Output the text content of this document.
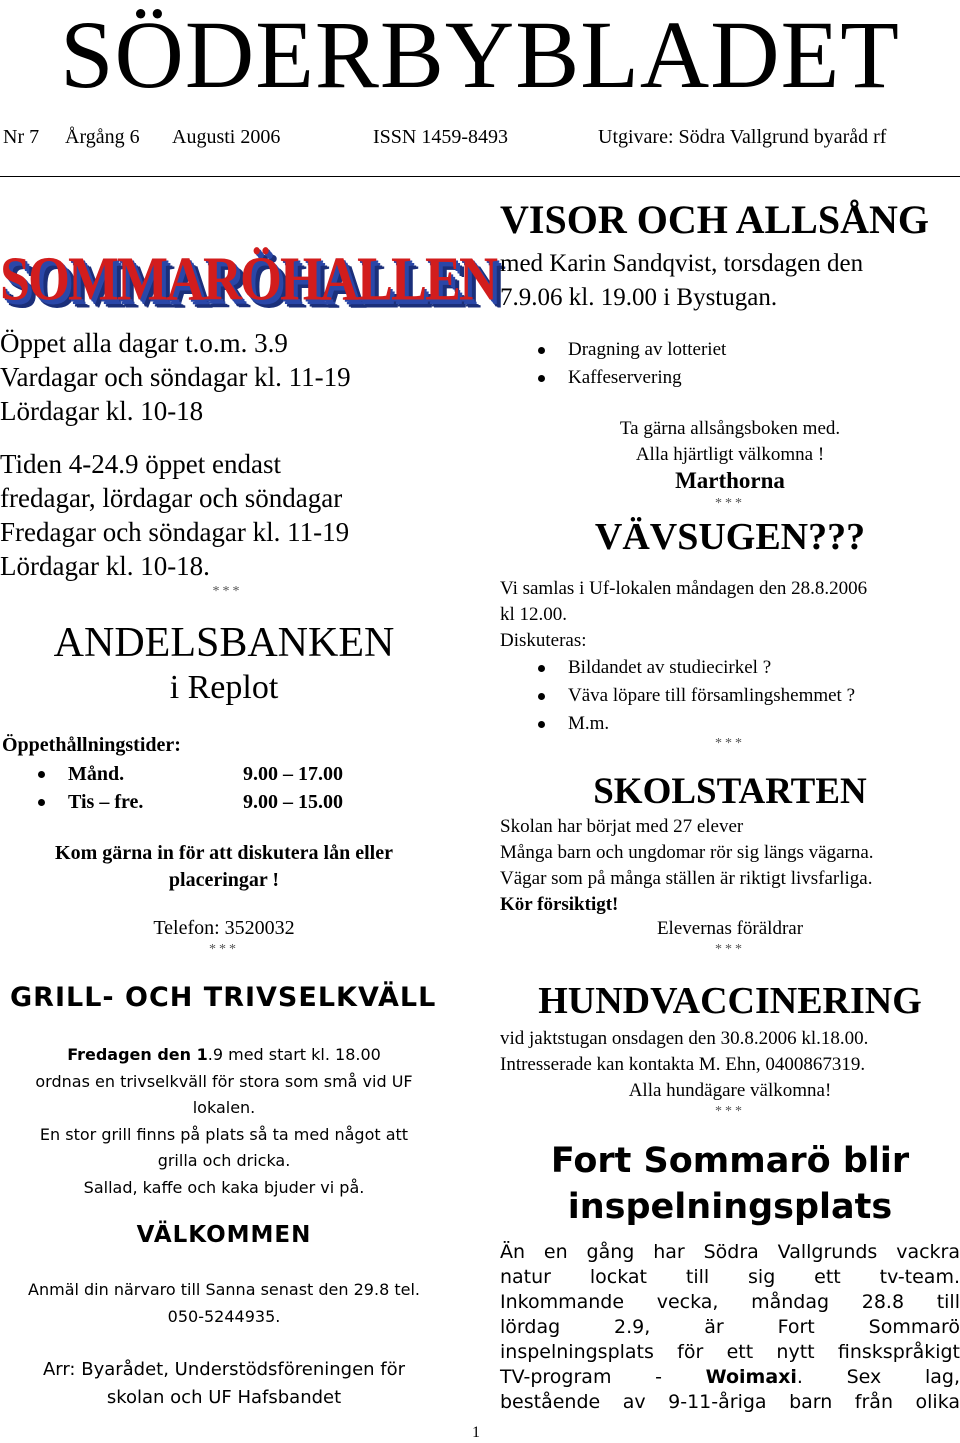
SÖDERBYBLADET
Nr 7 Årgång 6 Augusti 2006	ISSN 1459-8493	Utgivare: Södra Vallgrund byaråd rf
SOMMARÖHALLEN
Öppet alla dagar t.o.m. 3.9
Vardagar och söndagar kl. 11-19
Lördagar kl. 10-18
Tiden 4-24.9 öppet endast
fredagar, lördagar och söndagar
Fredagar och söndagar kl. 11-19
Lördagar kl. 10-18.
***
ANDELSBANKEN
i Replot
Öppethållningstider:
Månd.	9.00 – 17.00
Tis – fre.	9.00 – 15.00
Kom gärna in för att diskutera lån eller
placeringar !
Telefon: 3520032
***
GRILL- OCH TRIVSELKVÄLL
Fredagen den 1.9 med start kl. 18.00
ordnas en trivselkväll för stora som små vid UF
lokalen.
En stor grill finns på plats så ta med något att
grilla och dricka.
Sallad, kaffe och kaka bjuder vi på.
VÄLKOMMEN
Anmäl din närvaro till Sanna senast den 29.8 tel.
050-5244935.
Arr: Byarådet, Understödsföreningen för
skolan och UF Hafsbandet
VISOR OCH ALLSÅNG
med Karin Sandqvist, torsdagen den
7.9.06 kl. 19.00 i Bystugan.
Dragning av lotteriet
Kaffeservering
Ta gärna allsångsboken med.
Alla hjärtligt välkomna !
Marthorna
***
VÄVSUGEN???
Vi samlas i Uf-lokalen måndagen den 28.8.2006
kl 12.00.
Diskuteras:
Bildandet av studiecirkel ?
Väva löpare till församlingshemmet ?
M.m.
***
SKOLSTARTEN
Skolan har börjat med 27 elever
Många barn och ungdomar rör sig längs vägarna.
Vägar som på många ställen är riktigt livsfarliga.
Kör försiktigt!
Elevernas föräldrar
***
HUNDVACCINERING
vid jaktstugan onsdagen den 30.8.2006 kl.18.00.
Intresserade kan kontakta M. Ehn, 0400867319.
Alla hundägare välkomna!
***
Fort Sommarö blir
inspelningsplats
Än en gång har Södra Vallgrunds vackra
natur lockat till sig ett tv-team.
Inkommande vecka, måndag 28.8 till
lördag 2.9, är Fort Sommarö
inspelningsplats för ett nytt finskspråkigt
TV-program - Woimaxi. Sex lag,
bestående av 9-11-åriga barn från olika
1
